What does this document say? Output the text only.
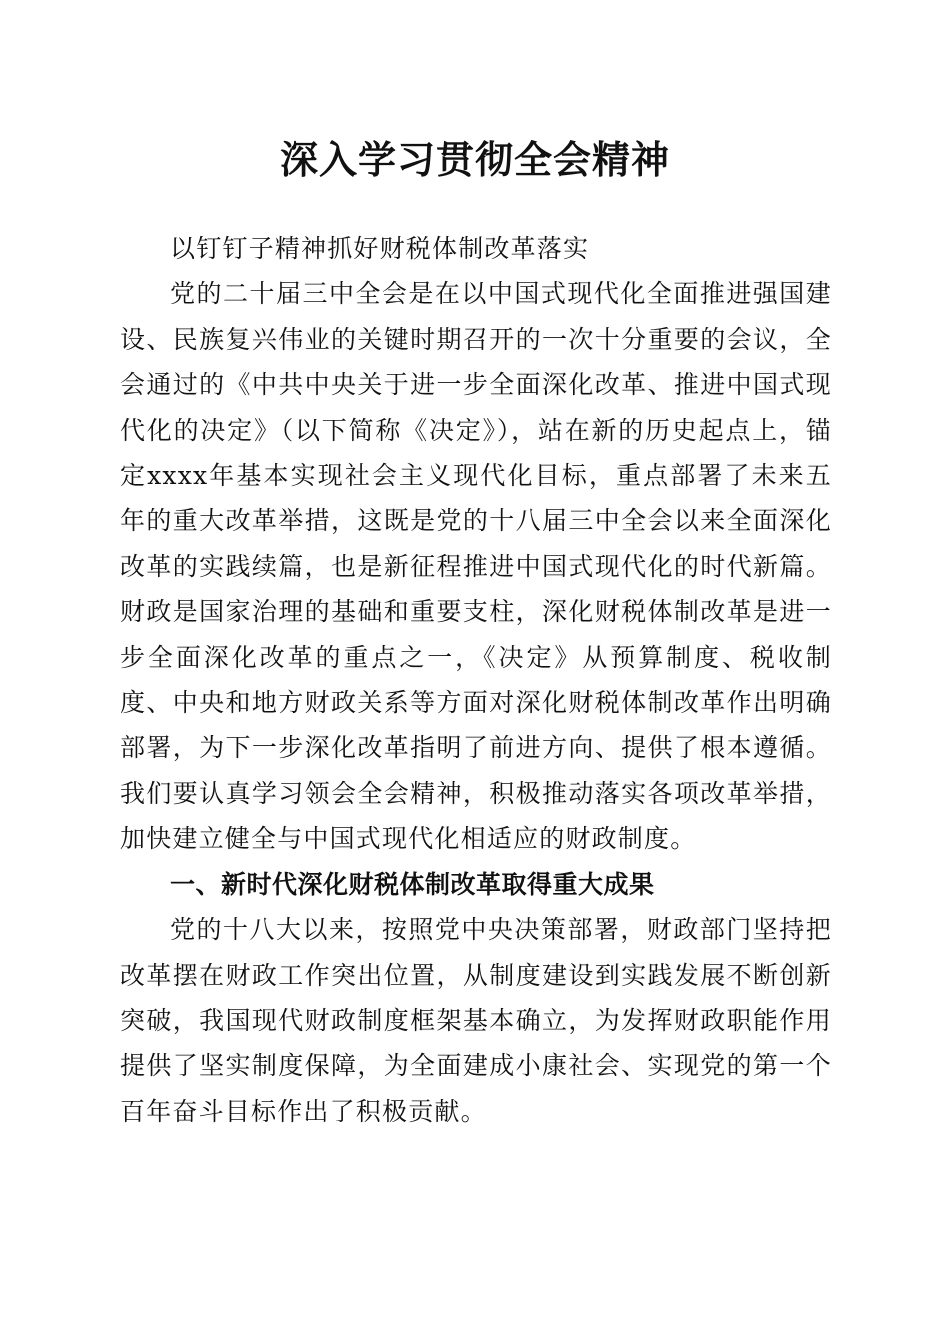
深入学习贯彻全会精神

以钉钉子精神抓好财税体制改革落实

党的二十届三中全会是在以中国式现代化全面推进强国建设、民族复兴伟业的关键时期召开的一次十分重要的会议，全会通过的《中共中央关于进一步全面深化改革、推进中国式现代化的决定》（以下简称《决定》），站在新的历史起点上，锚定xxxx年基本实现社会主义现代化目标，重点部署了未来五年的重大改革举措，这既是党的十八届三中全会以来全面深化改革的实践续篇，也是新征程推进中国式现代化的时代新篇。财政是国家治理的基础和重要支柱，深化财税体制改革是进一步全面深化改革的重点之一，《决定》从预算制度、税收制度、中央和地方财政关系等方面对深化财税体制改革作出明确部署，为下一步深化改革指明了前进方向、提供了根本遵循。我们要认真学习领会全会精神，积极推动落实各项改革举措，加快建立健全与中国式现代化相适应的财政制度。

一、新时代深化财税体制改革取得重大成果

党的十八大以来，按照党中央决策部署，财政部门坚持把改革摆在财政工作突出位置，从制度建设到实践发展不断创新突破，我国现代财政制度框架基本确立，为发挥财政职能作用提供了坚实制度保障，为全面建成小康社会、实现党的第一个百年奋斗目标作出了积极贡献。
